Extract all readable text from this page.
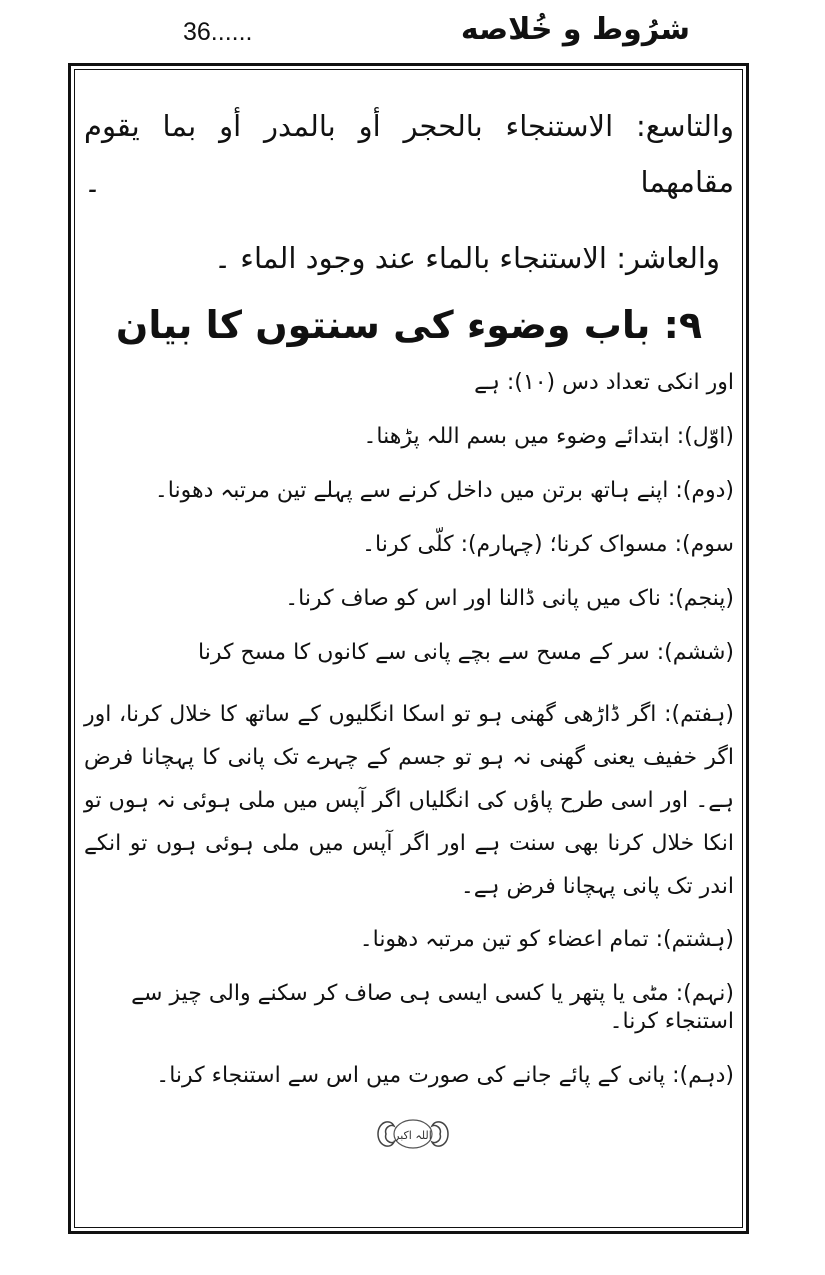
36......	شرُوط و خُلاصه

والتاسع: الاستنجاء بالحجر أو بالمدر أو بما يقوم مقامهما ۔

والعاشر: الاستنجاء بالماء عند وجود الماء ۔

۹: باب وضوء کی سنتوں کا بیان

اور انکی تعداد دس (۱۰): ہے

(اوّل): ابتدائے وضوء میں بسم اللہ پڑھنا۔

(دوم): اپنے ہاتھ برتن میں داخل کرنے سے پہلے تین مرتبہ دھونا۔

سوم): مسواک کرنا؛ (چہارم): کلّی کرنا۔

(پنجم): ناک میں پانی ڈالنا اور اس کو صاف کرنا۔

(ششم): سر کے مسح سے بچے پانی سے کانوں کا مسح کرنا

(ہفتم): اگر ڈاڑھی گھنی ہو تو اسکا انگلیوں کے ساتھ کا خلال کرنا، اور اگر خفیف یعنی گھنی نہ ہو تو جسم کے چہرے تک پانی کا پہچانا فرض ہے۔ اور اسی طرح پاؤں کی انگلیاں اگر آپس میں ملی ہوئی نہ ہوں تو انکا خلال کرنا بھی سنت ہے اور اگر آپس میں ملی ہوئی ہوں تو انکے اندر تک پانی پہچانا فرض ہے۔

(ہشتم): تمام اعضاء کو تین مرتبہ دھونا۔

(نہم): مٹی یا پتھر یا کسی ایسی ہی صاف کر سکنے والی چیز سے استنجاء کرنا۔

(دہم): پانی کے پائے جانے کی صورت میں اس سے استنجاء کرنا۔

اللہ اکبر
